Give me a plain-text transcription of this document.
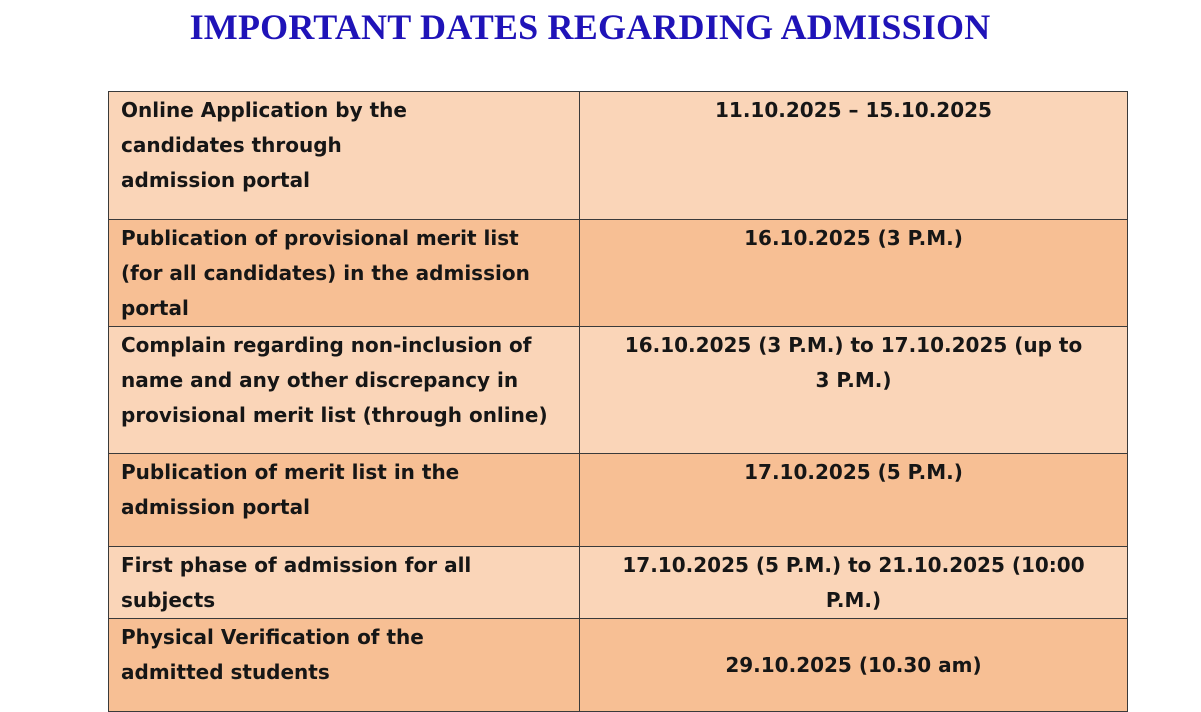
IMPORTANT DATES REGARDING ADMISSION
Online Application by the candidates through admission portal	11.10.2025 – 15.10.2025
Publication of provisional merit list (for all candidates) in the admission portal	16.10.2025 (3 P.M.)
Complain regarding non-inclusion of name and any other discrepancy in provisional merit list (through online)	16.10.2025 (3 P.M.) to 17.10.2025 (up to 3 P.M.)

Publication of merit list in the admission portal	17.10.2025 (5 P.M.)
First phase of admission for all subjects	17.10.2025 (5 P.M.) to 21.10.2025 (10:00 P.M.)

Physical Verification of the admitted students	29.10.2025 (10.30 am)
